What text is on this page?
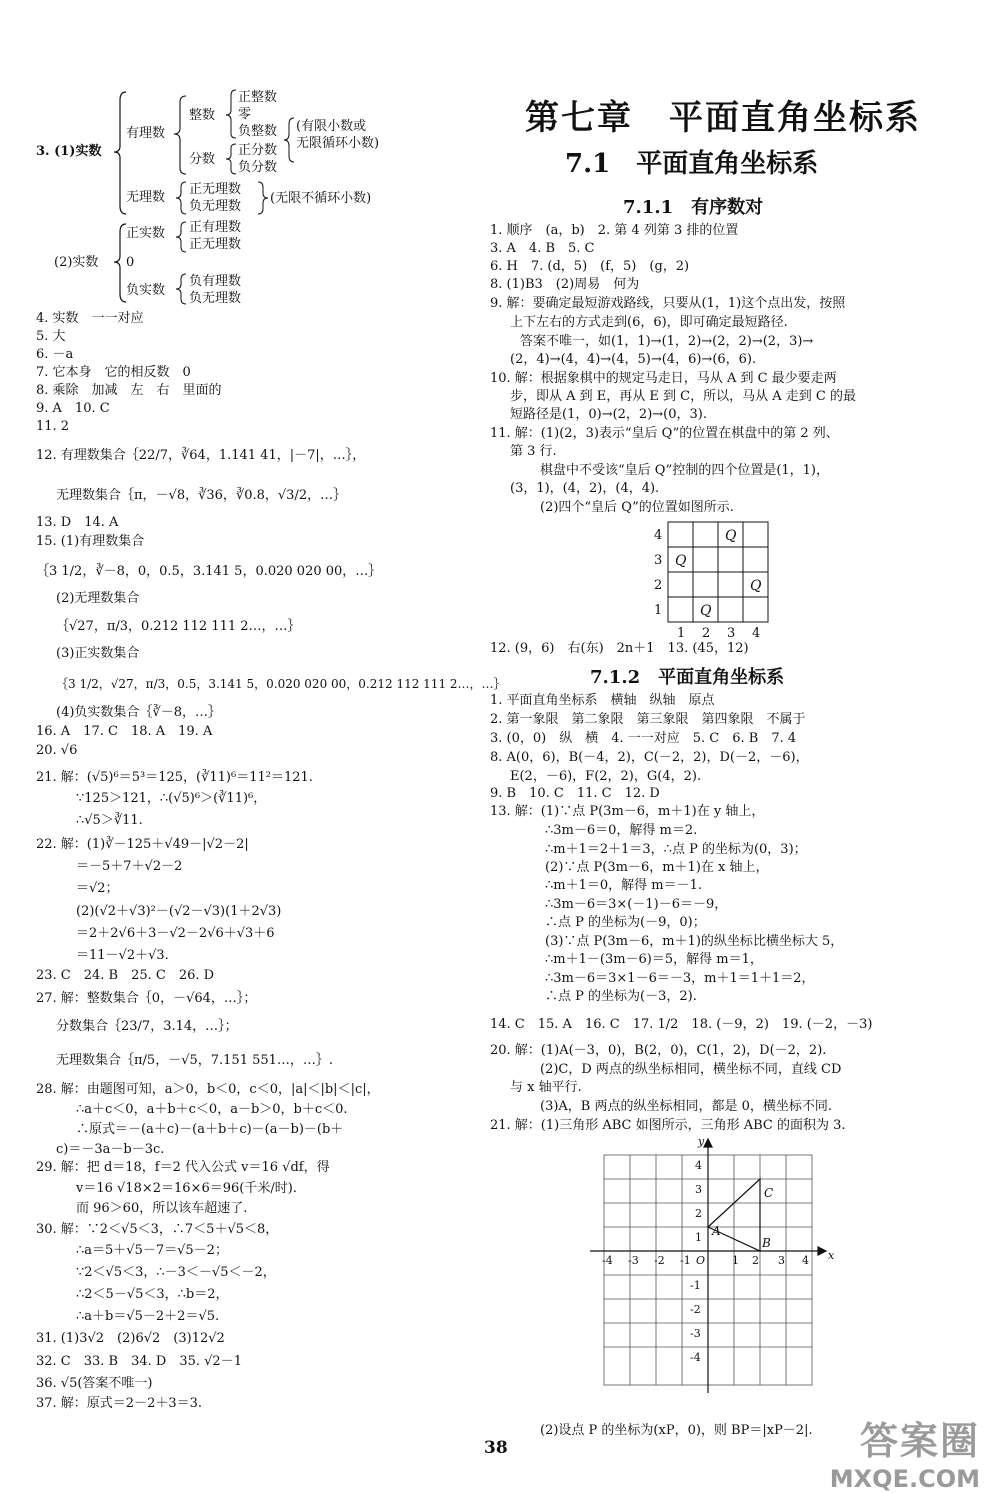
3. (1)实数
有理数
整数
正整数
零
负整数
分数
正分数
负分数
(有限小数或
无限循环小数)
无理数
正无理数
负无理数
(无限不循环小数)
(2)实数
正实数 正有理数
正无理数
0
负实数
负有理数
负无理数
4. 实数　一一对应
5. 大
6. －a
7. 它本身　它的相反数　0
8. 乘除　加减　左　右　里面的
9. A　10. C
11. 2
12. 有理数集合｛22/7，∛64，1.141 41，|－7|，…｝，
无理数集合｛π，－√8，∛36，∛0.8，√3/2，…｝
13. D　14. A
15. (1)有理数集合
｛3 1/2，∛－8，0，0.5，3.141 5，0.020 020 00，…｝
(2)无理数集合
｛√27，π/3，0.212 112 111 2…，…｝
(3)正实数集合
｛3 1/2，√27，π/3，0.5，3.141 5，0.020 020 00，0.212 112 111 2…，…｝
(4)负实数集合｛∛－8，…｝
16. A　17. C　18. A　19. A
20. √6
21. 解：(√5)⁶＝5³＝125，(∛11)⁶＝11²＝121.
∵125＞121，∴(√5)⁶＞(∛11)⁶，
∴√5＞∛11.
22. 解：(1)∛－125＋√49－|√2－2|
＝－5＋7＋√2－2
＝√2；
(2)(√2＋√3)²－(√2－√3)(1＋2√3)
＝2＋2√6＋3－√2－2√6＋√3＋6
＝11－√2＋√3.
23. C　24. B　25. C　26. D
27. 解：整数集合｛0，－√64，…｝；
分数集合｛23/7，3.14，…｝；
无理数集合｛π/5，－√5，7.151 551…，…｝.
28. 解：由题图可知，a＞0，b＜0，c＜0，|a|＜|b|＜|c|，
∴a＋c＜0，a＋b＋c＜0，a－b＞0，b＋c＜0.
∴原式＝－(a＋c)－(a＋b＋c)－(a－b)－(b＋
c)＝－3a－b－3c.
29. 解：把 d＝18，f＝2 代入公式 v＝16 √df，得
v＝16 √18×2＝16×6＝96(千米/时).
而 96＞60，所以该车超速了.
30. 解：∵2＜√5＜3，∴7＜5＋√5＜8，
∴a＝5＋√5－7＝√5－2；
∵2＜√5＜3，∴－3＜－√5＜－2，
∴2＜5－√5＜3，∴b＝2，
∴a＋b＝√5－2＋2＝√5.
31. (1)3√2　(2)6√2　(3)12√2
32. C　33. B　34. D　35. √2－1
36. √5(答案不唯一)
37. 解：原式＝2－2＋3＝3.
第七章　平面直角坐标系
7.1　平面直角坐标系
7.1.1　有序数对
1. 顺序　(a，b)　2. 第 4 列第 3 排的位置
3. A　4. B　5. C
6. H　7. (d，5)　(f，5)　(g，2)
8. (1)B3　(2)周易　何为
9. 解：要确定最短游戏路线，只要从(1，1)这个点出发，按照
上下左右的方式走到(6，6)，即可确定最短路径.
答案不唯一，如(1，1)→(1，2)→(2，2)→(2，3)→
(2，4)→(4，4)→(4，5)→(4，6)→(6，6).
10. 解：根据象棋中的规定马走日，马从 A 到 C 最少要走两
步，即从 A 到 E，再从 E 到 C，所以，马从 A 走到 C 的最
短路径是(1，0)→(2，2)→(0，3).
11. 解：(1)(2，3)表示“皇后 Q”的位置在棋盘中的第 2 列、
第 3 行.
棋盘中不受该“皇后 Q”控制的四个位置是(1，1)，
(3，1)，(4，2)，(4，4).
(2)四个“皇后 Q”的位置如图所示.
12. (9，6)　右(东)　2n＋1　13. (45，12)
1. 平面直角坐标系　横轴　纵轴　原点
2. 第一象限　第二象限　第三象限　第四象限　不属于
3. (0，0)　纵　横　4. 一一对应　5. C　6. B　7. 4
8. A(0，6)，B(－4，2)，C(－2，2)，D(－2，－6)，
E(2，－6)，F(2，2)，G(4，2).
9. B　10. C　11. C　12. D
13. 解：(1)∵点 P(3m－6，m＋1)在 y 轴上，
∴3m－6＝0，解得 m＝2.
∴m＋1＝2＋1＝3，∴点 P 的坐标为(0，3)；
(2)∵点 P(3m－6，m＋1)在 x 轴上，
∴m＋1＝0，解得 m＝－1.
∴3m－6＝3×(－1)－6＝－9，
∴点 P 的坐标为(－9，0)；
(3)∵点 P(3m－6，m＋1)的纵坐标比横坐标大 5，
∴m＋1－(3m－6)＝5，解得 m＝1，
∴3m－6＝3×1－6＝－3，m＋1＝1＋1＝2，
∴点 P 的坐标为(－3，2).
14. C　15. A　16. C　17. 1/2　18. (－9，2)　19. (－2，－3)
20. 解：(1)A(－3，0)，B(2，0)，C(1，2)，D(－2，2).
(2)C，D 两点的纵坐标相同，横坐标不同，直线 CD
与 x 轴平行.
(3)A，B 两点的纵坐标相同，都是 0，横坐标不同.
21. 解：(1)三角形 ABC 如图所示，三角形 ABC 的面积为 3.
(2)设点 P 的坐标为(xP，0)，则 BP＝|xP－2|.
7.1.2　平面直角坐标系
4
3
2
1
1 2 3 4
Q
Q
Q
Q
x
y
O
-4 -3 -2 -1	1 2 3 4
4
3
2
1
-1
-2
-3
-4
A
B
C
38	答案圈
MXQE.COM
